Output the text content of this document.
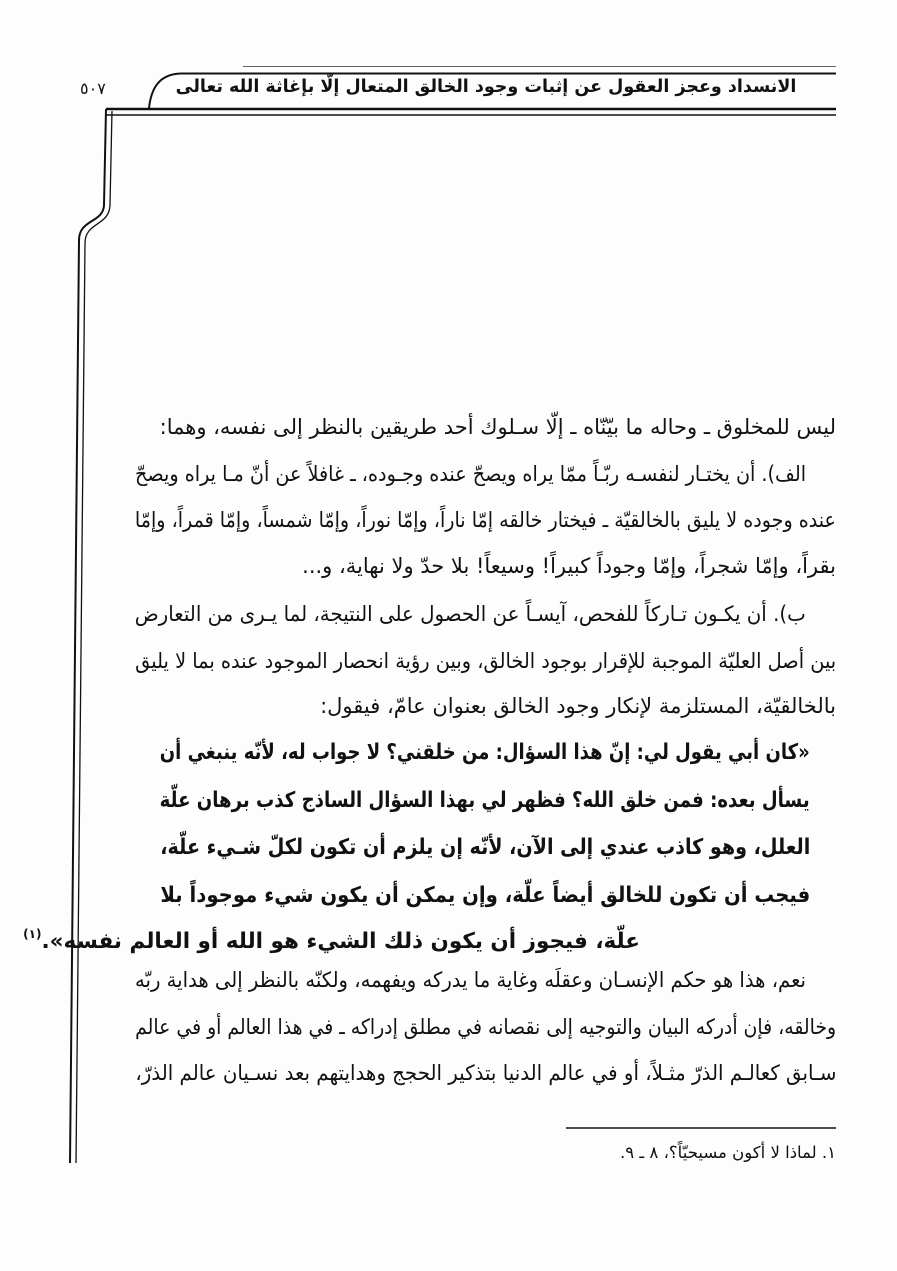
الانسداد وعجز العقول عن إثبات وجود الخالق المتعال إلّا بإغاثة الله تعالى
٥٠٧
ليس للمخلوق ـ وحاله ما بيّنّاه ـ إلّا سـلوك أحد طريقين بالنظر إلى نفسه، وهما:
الف). أن يختـار لنفسـه ربّـاً ممّا يراه ويصحّ عنده وجـوده، ـ غافلاً عن أنّ مـا يراه ويصحّ
عنده وجوده لا يليق بالخالقيّة ـ فيختار خالقه إمّا ناراً، وإمّا نوراً، وإمّا شمساً، وإمّا قمراً، وإمّا
بقراً، وإمّا شجراً، وإمّا وجوداً كبيراً! وسيعاً! بلا حدّ ولا نهاية، و...
ب). أن يكـون تـاركاً للفحص، آيسـاً عن الحصول على النتيجة، لما يـرى من التعارض
بين أصل العليّة الموجبة للإقرار بوجود الخالق، وبين رؤية انحصار الموجود عنده بما لا يليق
بالخالقيّة، المستلزمة لإنكار وجود الخالق بعنوان عامّ، فيقول:
«كان أبي يقول لي: إنّ هذا السؤال: من خلقني؟ لا جواب له، لأنّه ينبغي أن
يسأل بعده: فمن خلق الله؟ فظهر لي بهذا السؤال الساذج كذب برهان علّة
العلل، وهو كاذب عندي إلى الآن، لأنّه إن يلزم أن تكون لكلّ شـيء علّة،
فيجب أن تكون للخالق أيضاً علّة، وإن يمكن أن يكون شيء موجوداً بلا
علّة، فيجوز أن يكون ذلك الشيء هو الله أو العالم نفسه».$^{(١)}$
نعم، هذا هو حكم الإنسـان وعقلَه وغاية ما يدركه ويفهمه، ولكنّه بالنظر إلى هداية ربّه
وخالقه، فإن أدركه البيان والتوجيه إلى نقصانه في مطلق إدراكه ـ في هذا العالم أو في عالم
سـابق كعالـم الذرّ مثـلاً، أو في عالم الدنيا بتذكير الحجج وهدايتهم بعد نسـيان عالم الذرّ،
١. لماذا لا أكون مسيحيّاً؟، ٨ ـ ٩.
